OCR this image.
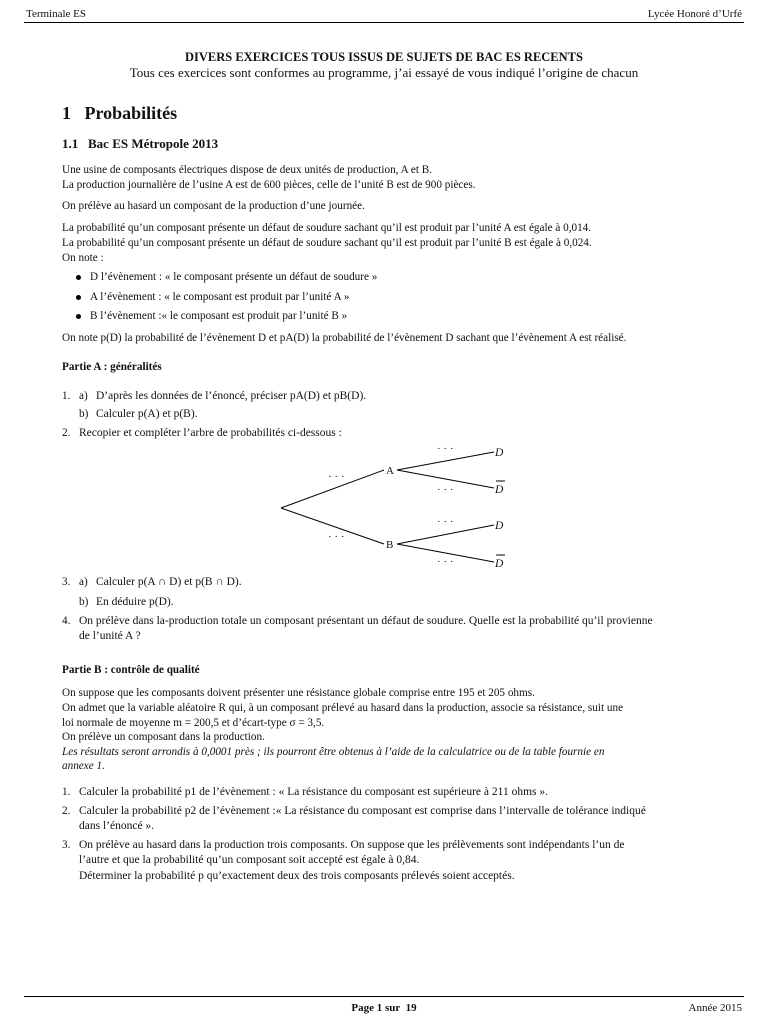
Terminale ES	Lycée Honoré d’Urfé
DIVERS EXERCICES TOUS ISSUS DE SUJETS DE BAC ES RECENTS
Tous ces exercices sont conformes au programme, j’ai essayé de vous indiqué l’origine de chacun
1   Probabilités
1.1   Bac ES Métropole 2013
Une usine de composants électriques dispose de deux unités de production, A et B.
La production journalière de l’usine A est de 600 pièces, celle de l’unité B est de 900 pièces.
On prélève au hasard un composant de la production d’une journée.
La probabilité qu’un composant présente un défaut de soudure sachant qu’il est produit par l’unité A est égale à 0,014.
La probabilité qu’un composant présente un défaut de soudure sachant qu’il est produit par l’unité B est égale à 0,024.
On note :
D l’évènement : « le composant présente un défaut de soudure »
A l’évènement : « le composant est produit par l’unité A »
B l’évènement :« le composant est produit par l’unité B »
On note p(D) la probabilité de l’évènement D et pA(D) la probabilité de l’évènement D sachant que l’évènement A est réalisé.
Partie A : généralités
1. a) D’après les données de l’énoncé, préciser pA(D) et pB(D).
b) Calculer p(A) et p(B).
2. Recopier et compléter l’arbre de probabilités ci-dessous :
· · ·
· · ·
· · ·
· · ·
· · ·
· · ·
A
B
D
D
D
D
3. a) Calculer p(A ∩ D) et p(B ∩ D).
b) En déduire p(D).
4. On prélève dans la-production totale un composant présentant un défaut de soudure. Quelle est la probabilité qu’il provienne
de l’unité A ?
Partie B : contrôle de qualité
On suppose que les composants doivent présenter une résistance globale comprise entre 195 et 205 ohms.
On admet que la variable aléatoire R qui, à un composant prélevé au hasard dans la production, associe sa résistance, suit une
loi normale de moyenne m = 200,5 et d’écart-type σ = 3,5.
On prélève un composant dans la production.
Les résultats seront arrondis à 0,0001 près ; ils pourront être obtenus à l’aide de la calculatrice ou de la table fournie en
annexe 1.
1. Calculer la probabilité p1 de l’évènement : « La résistance du composant est supérieure à 211 ohms ».
2. Calculer la probabilité p2 de l’évènement :« La résistance du composant est comprise dans l’intervalle de tolérance indiqué
dans l’énoncé ».
3. On prélève au hasard dans la production trois composants. On suppose que les prélèvements sont indépendants l’un de
l’autre et que la probabilité qu’un composant soit accepté est égale à 0,84.
Déterminer la probabilité p qu’exactement deux des trois composants prélevés soient acceptés.
Page 1 sur  19	Année 2015
